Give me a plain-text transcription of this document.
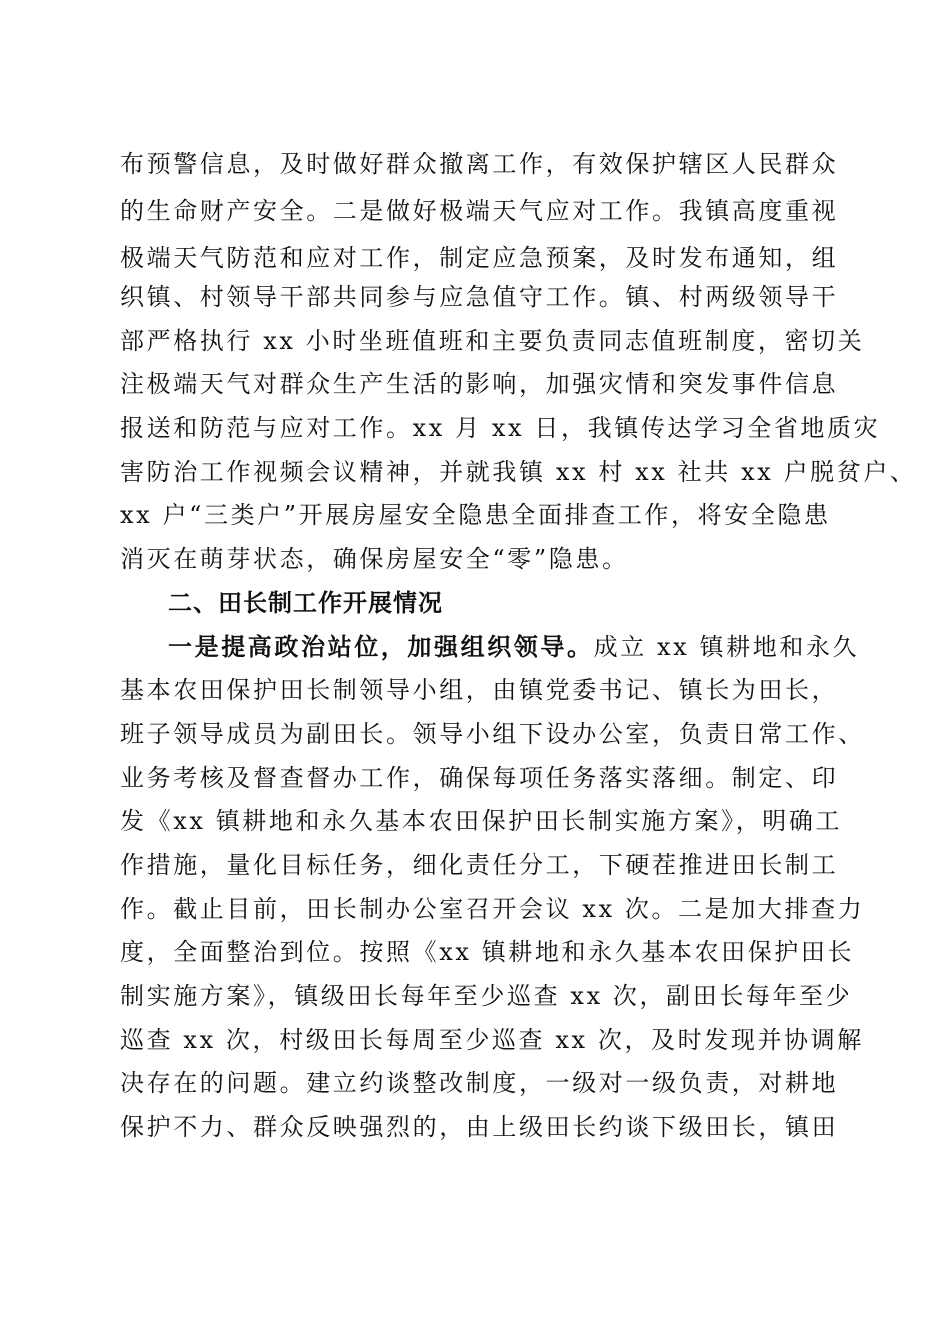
布预警信息，及时做好群众撤离工作，有效保护辖区人民群众
的生命财产安全。二是做好极端天气应对工作。我镇高度重视
极端天气防范和应对工作，制定应急预案，及时发布通知，组
织镇、村领导干部共同参与应急值守工作。镇、村两级领导干
部严格执行 xx 小时坐班值班和主要负责同志值班制度，密切关
注极端天气对群众生产生活的影响，加强灾情和突发事件信息
报送和防范与应对工作。xx 月 xx 日，我镇传达学习全省地质灾
害防治工作视频会议精神，并就我镇 xx 村 xx 社共 xx 户脱贫户、
xx 户“三类户”开展房屋安全隐患全面排查工作，将安全隐患
消灭在萌芽状态，确保房屋安全“零”隐患。
二、田长制工作开展情况
一是提高政治站位，加强组织领导。成立 xx 镇耕地和永久
基本农田保护田长制领导小组，由镇党委书记、镇长为田长，
班子领导成员为副田长。领导小组下设办公室，负责日常工作、
业务考核及督查督办工作，确保每项任务落实落细。制定、印
发《xx 镇耕地和永久基本农田保护田长制实施方案》，明确工
作措施，量化目标任务，细化责任分工，下硬茬推进田长制工
作。截止目前，田长制办公室召开会议 xx 次。二是加大排查力
度，全面整治到位。按照《xx 镇耕地和永久基本农田保护田长
制实施方案》，镇级田长每年至少巡查 xx 次，副田长每年至少
巡查 xx 次，村级田长每周至少巡查 xx 次，及时发现并协调解
决存在的问题。建立约谈整改制度，一级对一级负责，对耕地
保护不力、群众反映强烈的，由上级田长约谈下级田长，镇田
